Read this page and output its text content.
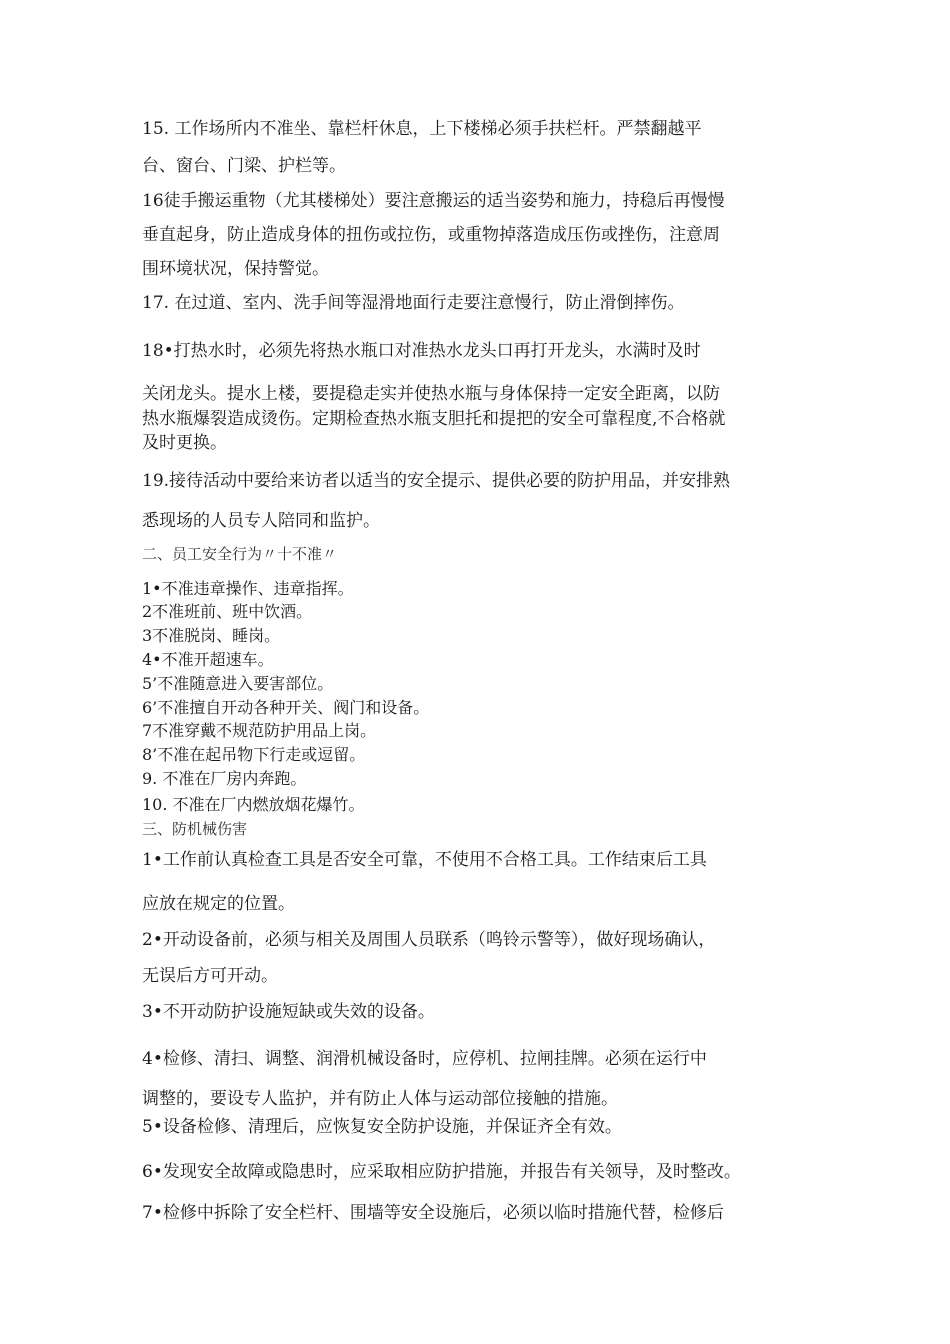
15. 工作场所内不准坐、靠栏杆休息，上下楼梯必须手扶栏杆。严禁翻越平
台、窗台、门梁、护栏等。
16徒手搬运重物（尤其楼梯处）要注意搬运的适当姿势和施力，持稳后再慢慢
垂直起身，防止造成身体的扭伤或拉伤，或重物掉落造成压伤或挫伤，注意周
围环境状况，保持警觉。
17. 在过道、室内、洗手间等湿滑地面行走要注意慢行，防止滑倒摔伤。
18•打热水时，必须先将热水瓶口对准热水龙头口再打开龙头，水满时及时
关闭龙头。提水上楼，要提稳走实并使热水瓶与身体保持一定安全距离，以防
热水瓶爆裂造成烫伤。定期检查热水瓶支胆托和提把的安全可靠程度,不合格就
及时更换。
19.接待活动中要给来访者以适当的安全提示、提供必要的防护用品，并安排熟
悉现场的人员专人陪同和监护。
二、员工安全行为〃十不准〃
1•不准违章操作、违章指挥。
2不准班前、班中饮酒。
3不准脱岗、睡岗。
4•不准开超速车。
5’不准随意进入要害部位。
6’不准擅自开动各种开关、阀门和设备。
7不准穿戴不规范防护用品上岗。
8’不准在起吊物下行走或逗留。
9. 不准在厂房内奔跑。
10. 不准在厂内燃放烟花爆竹。
三、防机械伤害
1•工作前认真检查工具是否安全可靠，不使用不合格工具。工作结束后工具
应放在规定的位置。
2•开动设备前，必须与相关及周围人员联系（鸣铃示警等），做好现场确认，
无误后方可开动。
3•不开动防护设施短缺或失效的设备。
4•检修、清扫、调整、润滑机械设备时，应停机、拉闸挂牌。必须在运行中
调整的，要设专人监护，并有防止人体与运动部位接触的措施。
5•设备检修、清理后，应恢复安全防护设施，并保证齐全有效。
6•发现安全故障或隐患时，应采取相应防护措施，并报告有关领导，及时整改。
7•检修中拆除了安全栏杆、围墙等安全设施后，必须以临时措施代替，检修后
